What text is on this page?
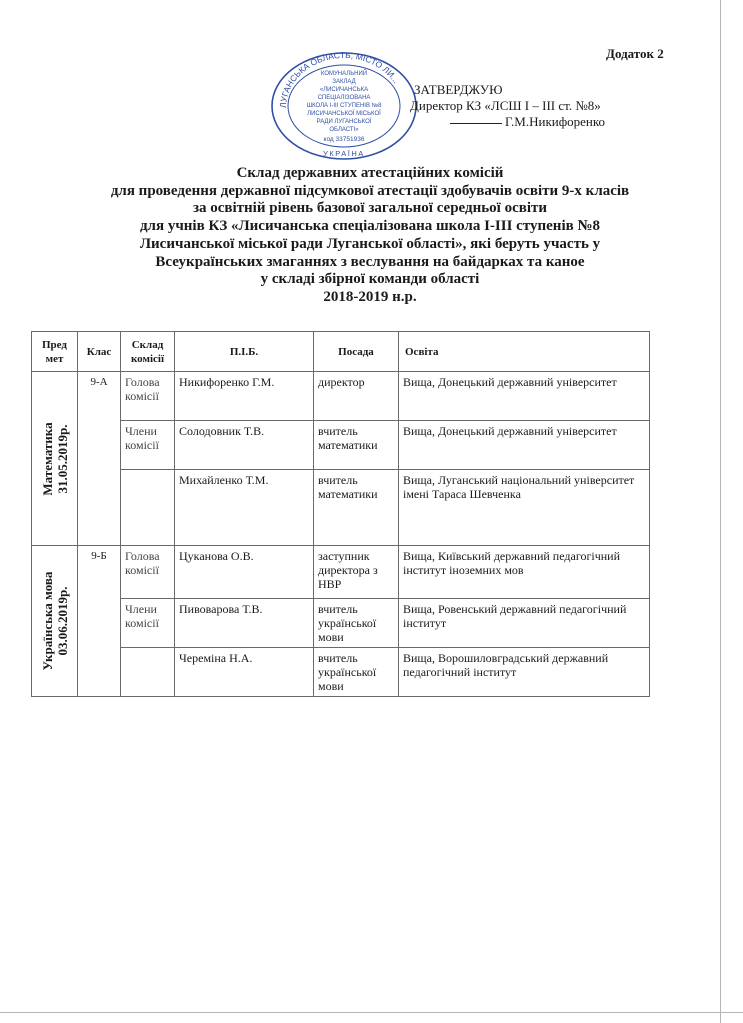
Додаток 2
ЛУГАНСЬКА ОБЛАСТЬ, МІСТО ЛИ...
УКРАЇНА
КОМУНАЛЬНИЙ
ЗАКЛАД
«ЛИСИЧАНСЬКА
СПЕЦІАЛІЗОВАНА
ШКОЛА І-ІІІ СТУПЕНІВ №8
ЛИСИЧАНСЬКОЇ МІСЬКОЇ
РАДИ ЛУГАНСЬКОЇ
ОБЛАСТІ»
код 33751936
ЗАТВЕРДЖУЮ
Директор КЗ «ЛСШ І – ІІІ ст. №8»
Г.М.Никифоренко
Склад державних атестаційних комісій
для проведення державної підсумкової атестації здобувачів освіти 9-х класів
за освітній рівень базової загальної середньої освіти
для учнів КЗ «Лисичанська спеціалізована школа І-ІІІ ступенів №8
Лисичанської міської ради Луганської області», які беруть участь у
Всеукраїнських змаганнях з веслування на байдарках та каное
у складі збірної команди області
2018-2019 н.р.
Пред мет	Клас	Склад комісії	П.І.Б.	Посада	Освіта

Математика 31.05.2019р.	9-А	Голова комісії	Никифоренко Г.М.	директор	Вища, Донецький державний університет
		Члени комісії	Солодовник Т.В.	вчитель математики	Вища, Донецький державний університет
			Михайленко Т.М.	вчитель математики	Вища, Луганський національний університет імені Тараса Шевченка

Українська мова 03.06.2019р.	9-Б	Голова комісії	Цуканова О.В.	заступник директора з НВР	Вища, Київський державний педагогічний інститут іноземних мов
		Члени комісії	Пивоварова Т.В.	вчитель української мови	Вища, Ровенський державний педагогічний інститут
			Череміна Н.А.	вчитель української мови	Вища, Ворошиловградський державний педагогічний інститут
